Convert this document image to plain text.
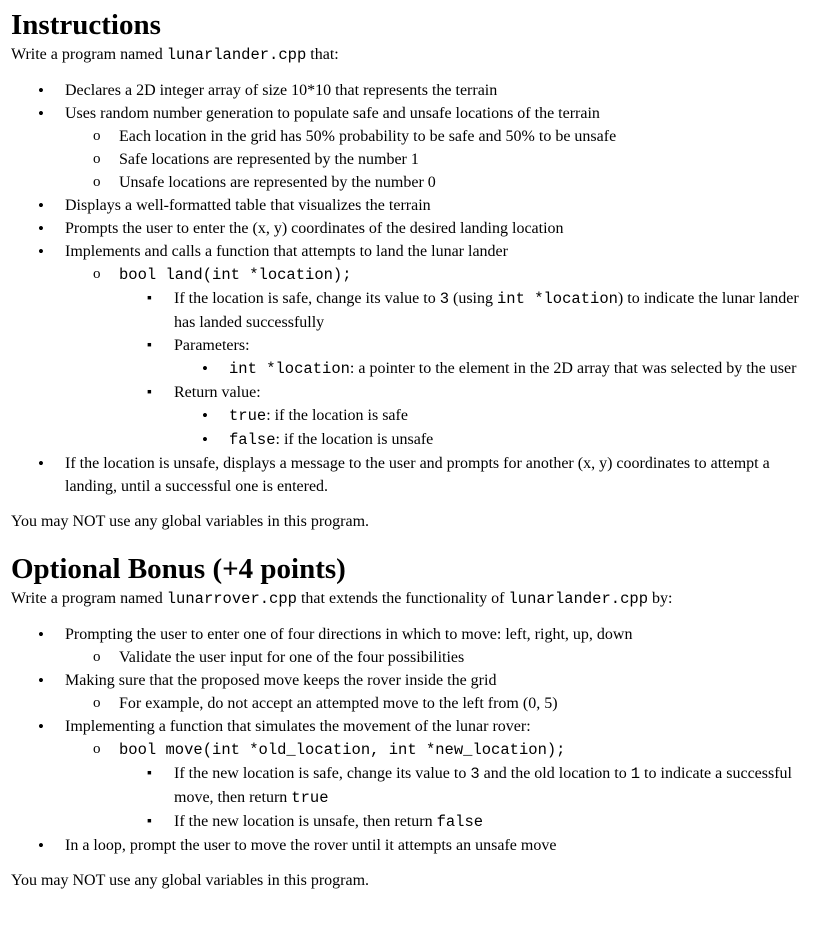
Instructions

Write a program named lunarlander.cpp that:

• Declares a 2D integer array of size 10*10 that represents the terrain
• Uses random number generation to populate safe and unsafe locations of the terrain
o Each location in the grid has 50% probability to be safe and 50% to be unsafe
o Safe locations are represented by the number 1
o Unsafe locations are represented by the number 0
• Displays a well-formatted table that visualizes the terrain
• Prompts the user to enter the (x, y) coordinates of the desired landing location
• Implements and calls a function that attempts to land the lunar lander
o bool land(int *location);
▪ If the location is safe, change its value to 3 (using int *location) to indicate the lunar lander has landed successfully
▪ Parameters:
• int *location: a pointer to the element in the 2D array that was selected by the user
▪ Return value:
• true: if the location is safe
• false: if the location is unsafe
• If the location is unsafe, displays a message to the user and prompts for another (x, y) coordinates to attempt a landing, until a successful one is entered.

You may NOT use any global variables in this program.

Optional Bonus (+4 points)

Write a program named lunarrover.cpp that extends the functionality of lunarlander.cpp by:

• Prompting the user to enter one of four directions in which to move: left, right, up, down
o Validate the user input for one of the four possibilities
• Making sure that the proposed move keeps the rover inside the grid
o For example, do not accept an attempted move to the left from (0, 5)
• Implementing a function that simulates the movement of the lunar rover:
o bool move(int *old_location, int *new_location);
▪ If the new location is safe, change its value to 3 and the old location to 1 to indicate a successful move, then return true
▪ If the new location is unsafe, then return false
• In a loop, prompt the user to move the rover until it attempts an unsafe move

You may NOT use any global variables in this program.
